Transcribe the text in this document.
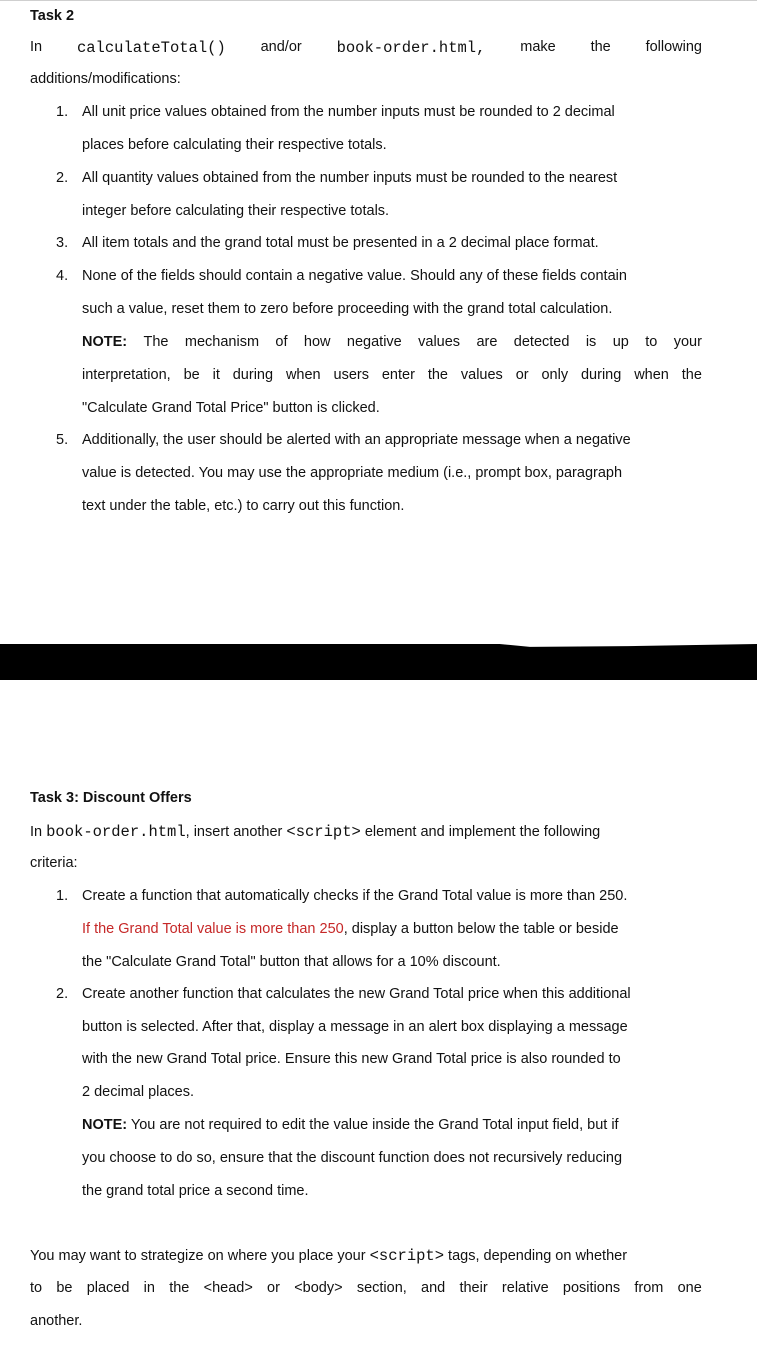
Task 2
In calculateTotal() and/or book-order.html, make the following
additions/modifications:
1. All unit price values obtained from the number inputs must be rounded to 2 decimal
places before calculating their respective totals.
2. All quantity values obtained from the number inputs must be rounded to the nearest
integer before calculating their respective totals.
3. All item totals and the grand total must be presented in a 2 decimal place format.
4. None of the fields should contain a negative value. Should any of these fields contain
such a value, reset them to zero before proceeding with the grand total calculation.
NOTE: The mechanism of how negative values are detected is up to your
interpretation, be it during when users enter the values or only during when the
"Calculate Grand Total Price" button is clicked.
5. Additionally, the user should be alerted with an appropriate message when a negative
value is detected. You may use the appropriate medium (i.e., prompt box, paragraph
text under the table, etc.) to carry out this function.
Task 3: Discount Offers
In book-order.html, insert another <script> element and implement the following
criteria:
1. Create a function that automatically checks if the Grand Total value is more than 250.
If the Grand Total value is more than 250, display a button below the table or beside
the "Calculate Grand Total" button that allows for a 10% discount.
2. Create another function that calculates the new Grand Total price when this additional
button is selected. After that, display a message in an alert box displaying a message
with the new Grand Total price. Ensure this new Grand Total price is also rounded to
2 decimal places.
NOTE: You are not required to edit the value inside the Grand Total input field, but if
you choose to do so, ensure that the discount function does not recursively reducing
the grand total price a second time.
You may want to strategize on where you place your <script> tags, depending on whether
to be placed in the <head> or <body> section, and their relative positions from one
another.
